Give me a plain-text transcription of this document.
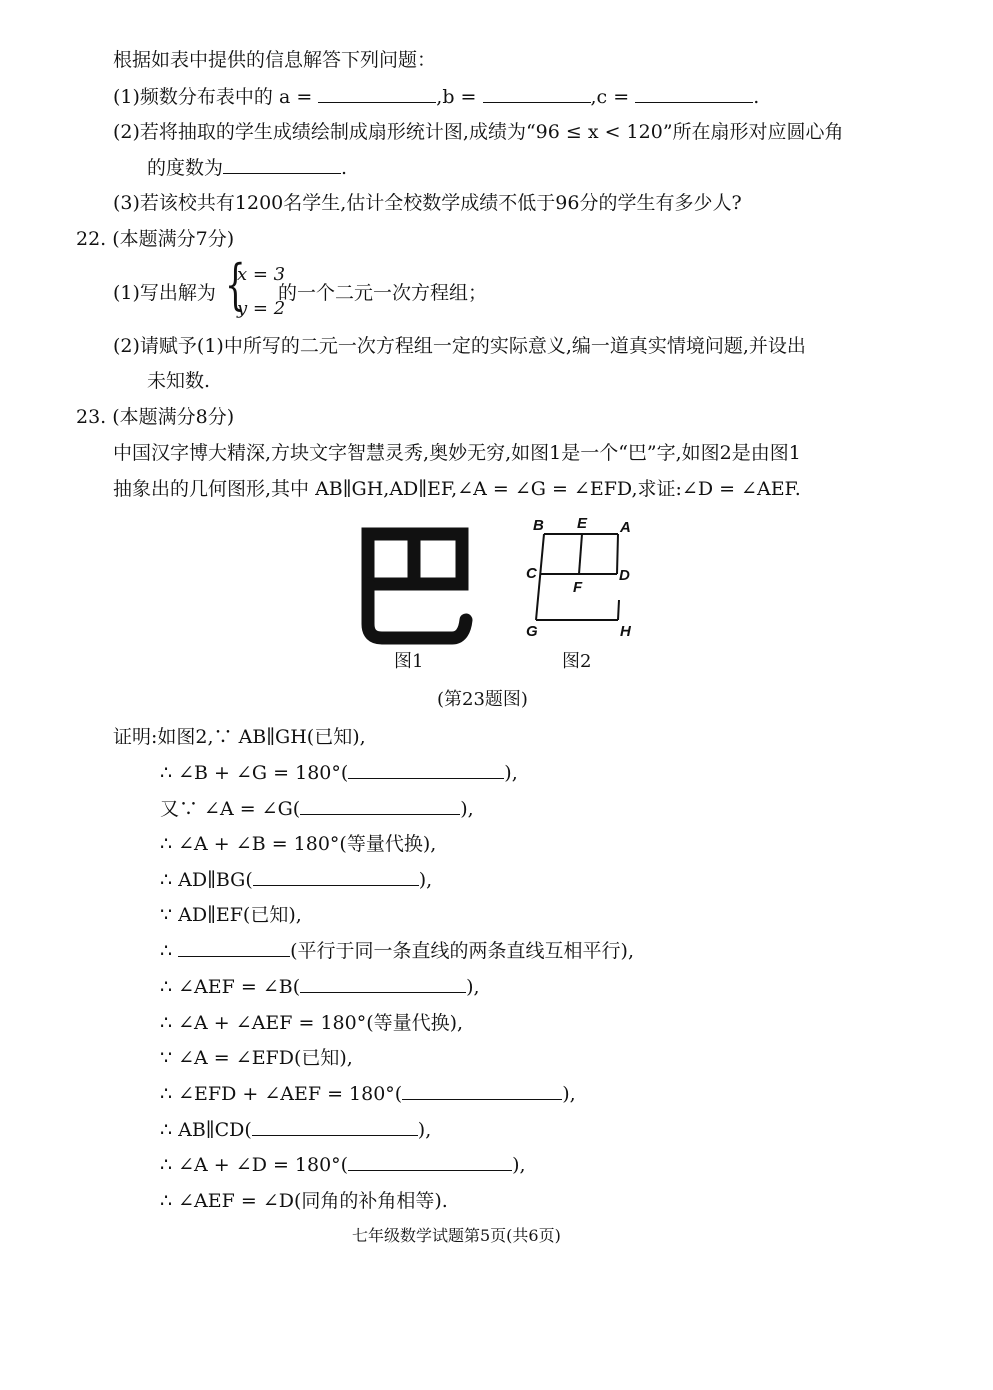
根据如表中提供的信息解答下列问题：
(1)频数分布表中的 a =	,b =	,c =	.
(2)若将抽取的学生成绩绘制成扇形统计图,成绩为“96 ≤ x < 120”所在扇形对应圆心角
的度数为	.
(3)若该校共有1200名学生,估计全校数学成绩不低于96分的学生有多少人?
22. (本题满分7分)
(1)写出解为 {
x = 3
y = 2
的一个二元一次方程组；
(2)请赋予(1)中所写的二元一次方程组一定的实际意义,编一道真实情境问题,并设出
未知数.
23. (本题满分8分)
中国汉字博大精深,方块文字智慧灵秀,奥妙无穷,如图1是一个“巴”字,如图2是由图1
抽象出的几何图形,其中 AB∥GH,AD∥EF,∠A = ∠G = ∠EFD,求证:∠D = ∠AEF.
图1
B E A
C
F
D
G	H
图2
(第23题图)
证明:如图2,∵ AB∥GH(已知),
∴ ∠B + ∠G = 180°(	),
又∵ ∠A = ∠G(	),
∴ ∠A + ∠B = 180°(等量代换),
∴ AD∥BG(	),
∵ AD∥EF(已知),
∴	(平行于同一条直线的两条直线互相平行),
∴ ∠AEF = ∠B(	),
∴ ∠A + ∠AEF = 180°(等量代换),
∵ ∠A = ∠EFD(已知),
∴ ∠EFD + ∠AEF = 180°(	),
∴ AB∥CD(	),
∴ ∠A + ∠D = 180°(	),
∴ ∠AEF = ∠D(同角的补角相等).
七年级数学试题第5页(共6页)
